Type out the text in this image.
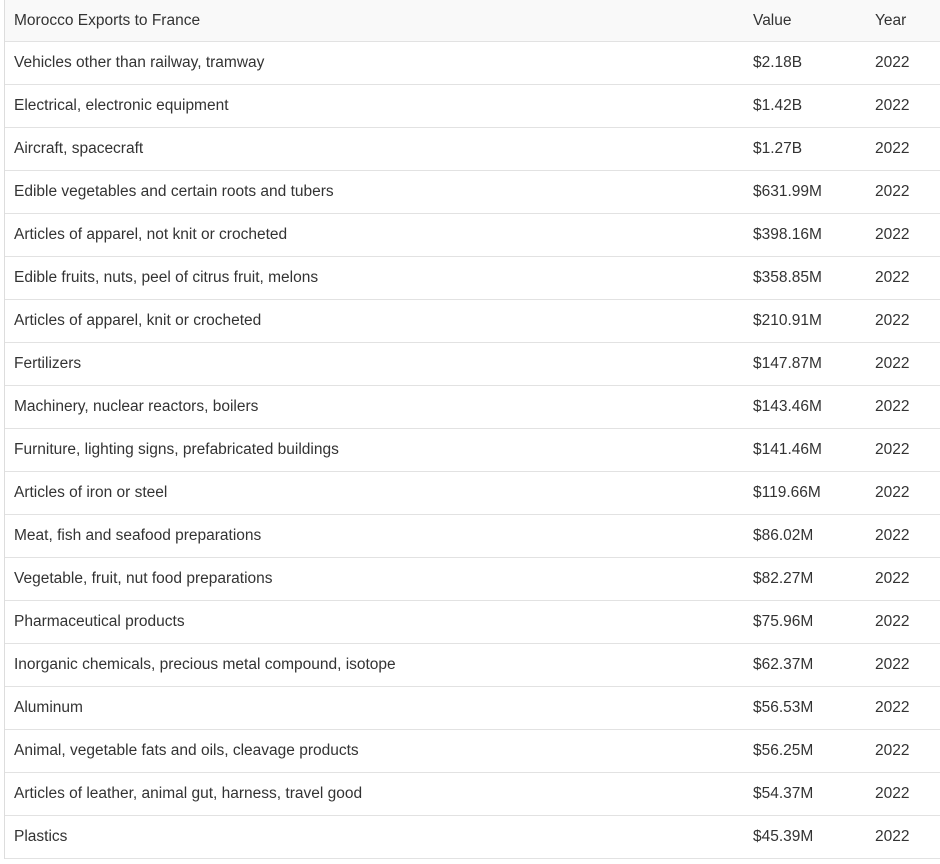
Morocco Exports to France	Value	Year
Vehicles other than railway, tramway	$2.18B	2022
Electrical, electronic equipment	$1.42B	2022
Aircraft, spacecraft	$1.27B	2022
Edible vegetables and certain roots and tubers	$631.99M	2022
Articles of apparel, not knit or crocheted	$398.16M	2022
Edible fruits, nuts, peel of citrus fruit, melons	$358.85M	2022
Articles of apparel, knit or crocheted	$210.91M	2022
Fertilizers	$147.87M	2022
Machinery, nuclear reactors, boilers	$143.46M	2022
Furniture, lighting signs, prefabricated buildings	$141.46M	2022
Articles of iron or steel	$119.66M	2022
Meat, fish and seafood preparations	$86.02M	2022
Vegetable, fruit, nut food preparations	$82.27M	2022
Pharmaceutical products	$75.96M	2022
Inorganic chemicals, precious metal compound, isotope	$62.37M	2022
Aluminum	$56.53M	2022
Animal, vegetable fats and oils, cleavage products	$56.25M	2022
Articles of leather, animal gut, harness, travel good	$54.37M	2022
Plastics	$45.39M	2022
